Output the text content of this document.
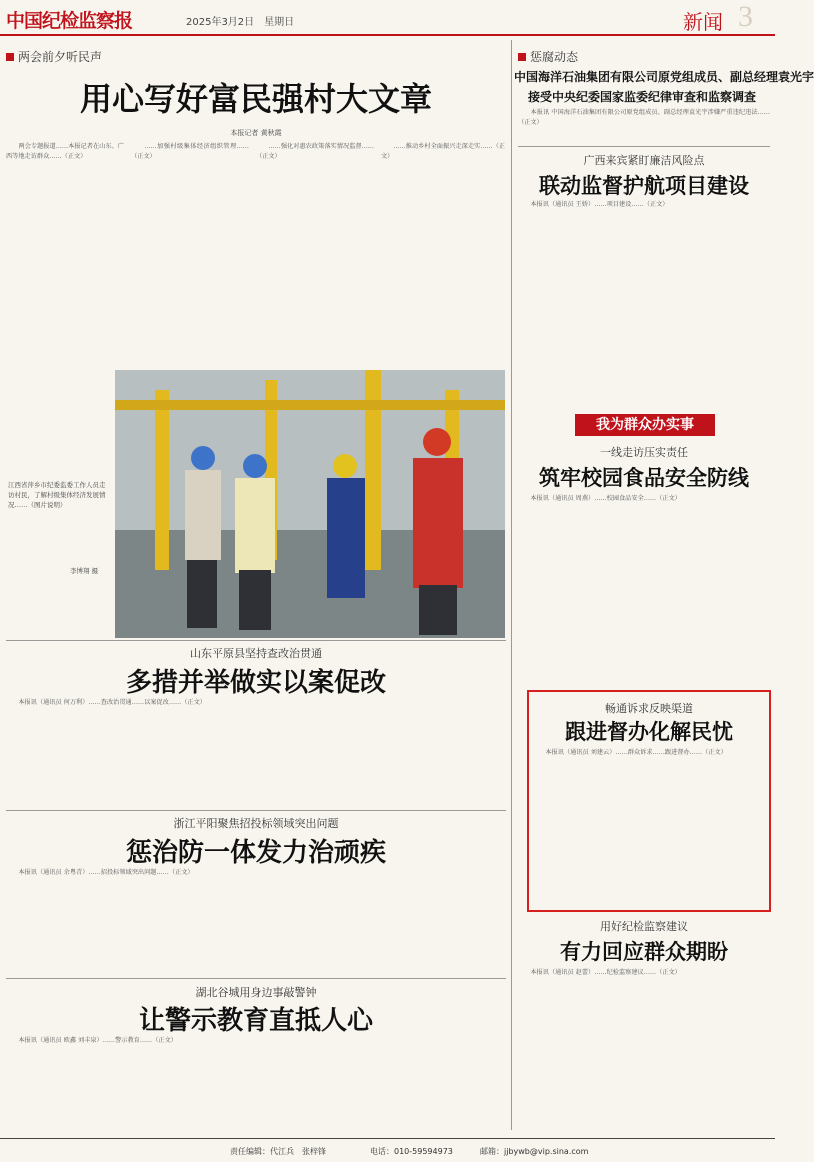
中国纪检监察报	2025年3月2日　星期日	新闻 3
两会前夕听民声
用心写好富民强村大文章
本报记者 黄秋霞
　　两会专题报道……本报记者在山东、广西等地走访群众……（正文）
　　……加强村级集体经济组织管理……（正文）
　　……强化对惠农政策落实情况监督……（正文）
　　……推动乡村全面振兴走深走实……（正文）
江西省萍乡市纪委监委工作人员走访村民，了解村级集体经济发展情况……（图片说明）
李博翔 摄
山东平原县坚持查改治贯通
多措并举做实以案促改
　　本报讯（通讯员 何万利）……查改治贯通……以案促改……（正文）
浙江平阳聚焦招投标领域突出问题
惩治防一体发力治顽疾
　　本报讯（通讯员 余粤青）……招投标领域突出问题……（正文）
湖北谷城用身边事敲警钟
让警示教育直抵人心
　　本报讯（通讯员 欧鑫 刘丰泉）……警示教育……（正文）
惩腐动态
中国海洋石油集团有限公司原党组成员、副总经理袁光宇
接受中央纪委国家监委纪律审查和监察调查
　　本报讯 中国海洋石油集团有限公司原党组成员、副总经理袁光宇涉嫌严重违纪违法……（正文）
广西来宾紧盯廉洁风险点
联动监督护航项目建设
　　本报讯（通讯员 王娇）……项目建设……（正文）
我为群众办实事
一线走访压实责任
筑牢校园食品安全防线
　　本报讯（通讯员 周燕）……校园食品安全……（正文）
畅通诉求反映渠道
跟进督办化解民忧
　　本报讯（通讯员 刘建云）……群众诉求……跟进督办……（正文）
用好纪检监察建议
有力回应群众期盼
　　本报讯（通讯员 赵蕾）……纪检监察建议……（正文）
责任编辑：代江兵　张梓锋	电话：010-59594973	邮箱：jjbywb@vip.sina.com
